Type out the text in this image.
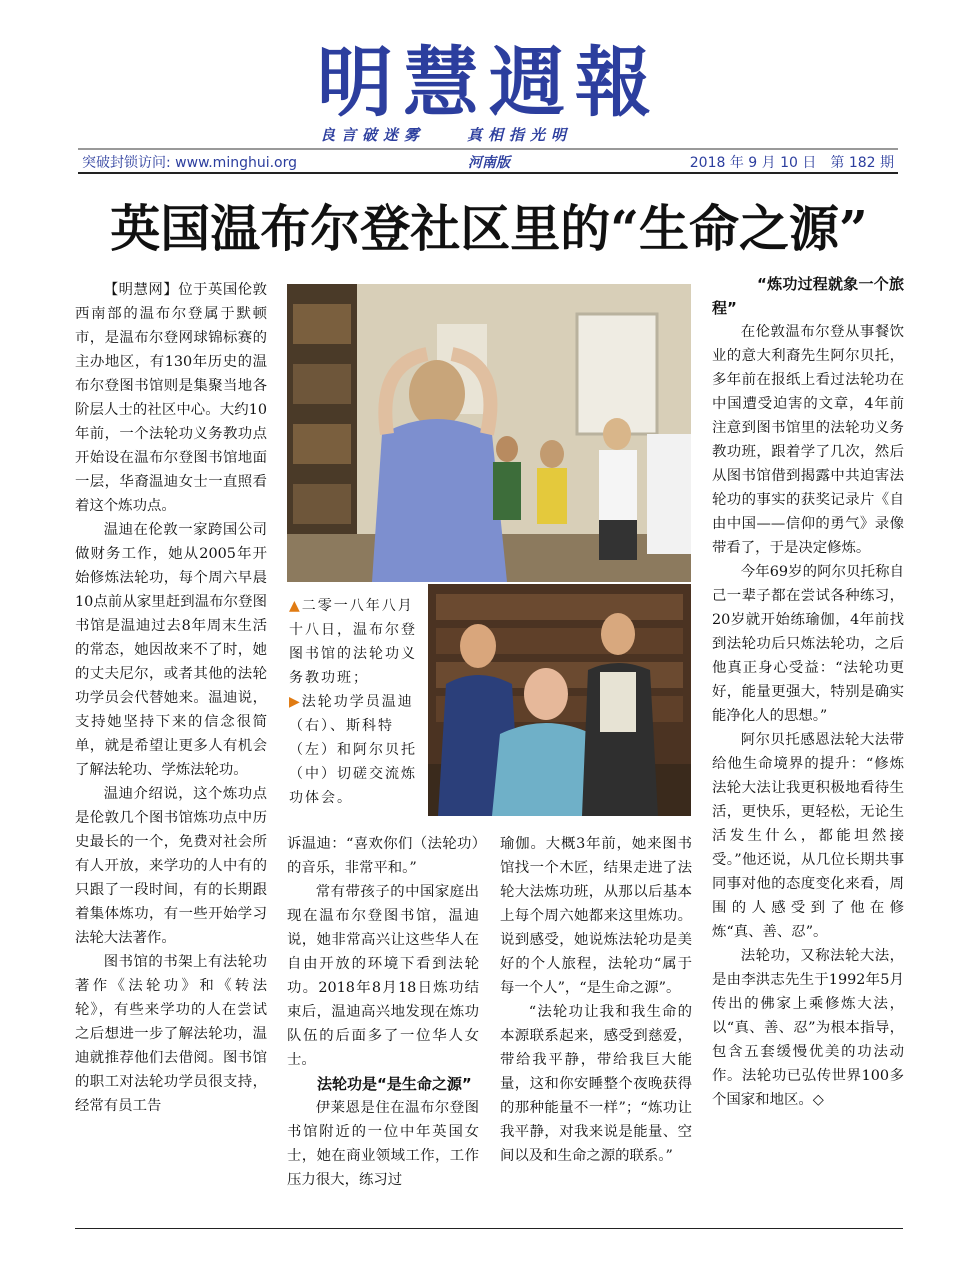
明慧週報
良言破迷雾　　真相指光明
突破封锁访问: www.minghui.org	河南版	2018 年 9 月 10 日　第 182 期
英国温布尔登社区里的“生命之源”

【明慧网】位于英国伦敦西南部的温布尔登属于默顿市，是温布尔登网球锦标赛的主办地区，有130年历史的温布尔登图书馆则是集聚当地各阶层人士的社区中心。大约10年前，一个法轮功义务教功点开始设在温布尔登图书馆地面一层，华裔温迪女士一直照看着这个炼功点。

温迪在伦敦一家跨国公司做财务工作，她从2005年开始修炼法轮功，每个周六早晨10点前从家里赶到温布尔登图书馆是温迪过去8年周末生活的常态，她因故来不了时，她的丈夫尼尔，或者其他的法轮功学员会代替她来。温迪说，支持她坚持下来的信念很简单，就是希望让更多人有机会了解法轮功、学炼法轮功。

温迪介绍说，这个炼功点是伦敦几个图书馆炼功点中历史最长的一个，免费对社会所有人开放，来学功的人中有的只跟了一段时间，有的长期跟着集体炼功，有一些开始学习法轮大法著作。

图书馆的书架上有法轮功著作《法轮功》和《转法轮》，有些来学功的人在尝试之后想进一步了解法轮功，温迪就推荐他们去借阅。图书馆的职工对法轮功学员很支持，经常有员工告

▲二零一八年八月十八日，温布尔登图书馆的法轮功义务教功班；
▶法轮功学员温迪（右）、斯科特（左）和阿尔贝托（中）切磋交流炼功体会。

诉温迪：“喜欢你们（法轮功）的音乐，非常平和。”

常有带孩子的中国家庭出现在温布尔登图书馆，温迪说，她非常高兴让这些华人在自由开放的环境下看到法轮功。2018年8月18日炼功结束后，温迪高兴地发现在炼功队伍的后面多了一位华人女士。

法轮功是“是生命之源”

伊莱恩是住在温布尔登图书馆附近的一位中年英国女士，她在商业领域工作，工作压力很大，练习过

瑜伽。大概3年前，她来图书馆找一个木匠，结果走进了法轮大法炼功班，从那以后基本上每个周六她都来这里炼功。说到感受，她说炼法轮功是美好的个人旅程，法轮功“属于每一个人”，“是生命之源”。

“法轮功让我和我生命的本源联系起来，感受到慈爱，带给我平静，带给我巨大能量，这和你安睡整个夜晚获得的那种能量不一样”；“炼功让我平静，对我来说是能量、空间以及和生命之源的联系。”

“炼功过程就象一个旅程”

在伦敦温布尔登从事餐饮业的意大利裔先生阿尔贝托，多年前在报纸上看过法轮功在中国遭受迫害的文章，4年前注意到图书馆里的法轮功义务教功班，跟着学了几次，然后从图书馆借到揭露中共迫害法轮功的事实的获奖记录片《自由中国——信仰的勇气》录像带看了，于是决定修炼。

今年69岁的阿尔贝托称自己一辈子都在尝试各种练习，20岁就开始练瑜伽，4年前找到法轮功后只炼法轮功，之后他真正身心受益：“法轮功更好，能量更强大，特别是确实能净化人的思想。”

阿尔贝托感恩法轮大法带给他生命境界的提升：“修炼法轮大法让我更积极地看待生活，更快乐，更轻松，无论生活发生什么，都能坦然接受。”他还说，从几位长期共事同事对他的态度变化来看，周围的人感受到了他在修炼“真、善、忍”。

法轮功，又称法轮大法，是由李洪志先生于1992年5月传出的佛家上乘修炼大法，以“真、善、忍”为根本指导，包含五套缓慢优美的功法动作。法轮功已弘传世界100多个国家和地区。◇
